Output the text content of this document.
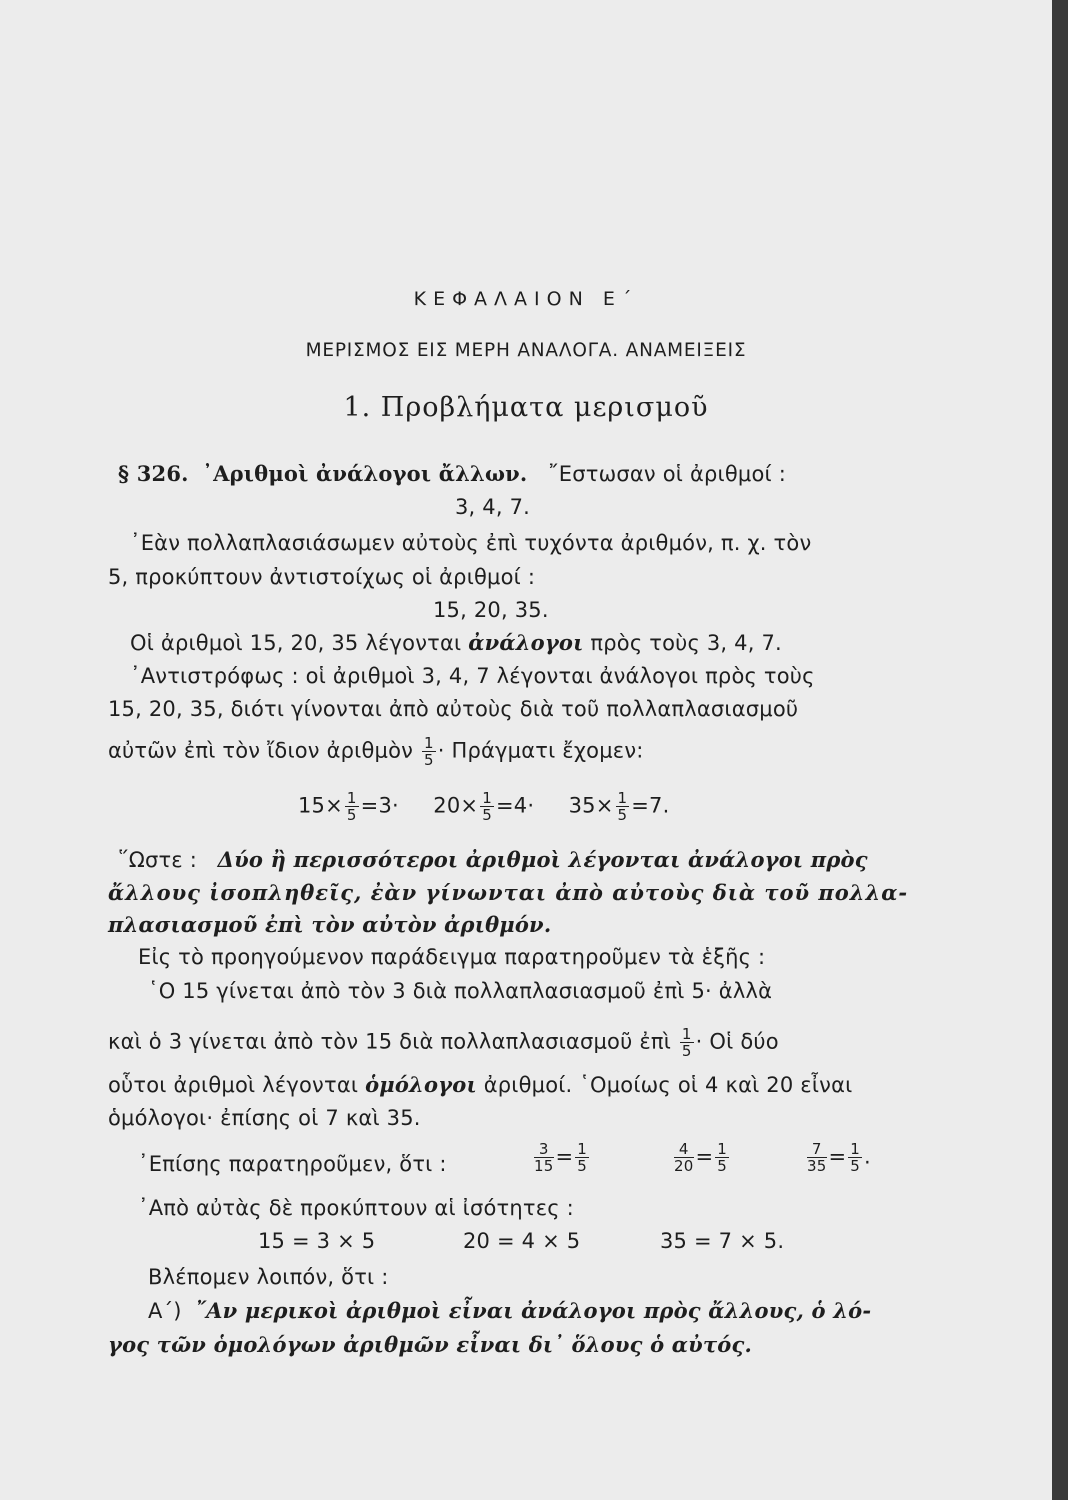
ΚΕΦΑΛΑΙΟΝ Ε΄
ΜΕΡΙΣΜΟΣ ΕΙΣ ΜΕΡΗ ΑΝΑΛΟΓΑ. ΑΝΑΜΕΙΞΕΙΣ
1. Προβλήματα μερισμοῦ
§ 326. ᾿Αριθμοὶ ἀνάλογοι ἄλλων. ῎Εστωσαν οἱ ἀριθμοί :
3, 4, 7.
᾿Εὰν πολλαπλασιάσωμεν αὐτοὺς ἐπὶ τυχόντα ἀριθμόν, π. χ. τὸν
5, προκύπτουν ἀντιστοίχως οἱ ἀριθμοί :
15, 20, 35.
Οἱ ἀριθμοὶ 15, 20, 35 λέγονται ἀνάλογοι πρὸς τοὺς 3, 4, 7.
᾿Αντιστρόφως : οἱ ἀριθμοὶ 3, 4, 7 λέγονται ἀνάλογοι πρὸς τοὺς
15, 20, 35, διότι γίνονται ἀπὸ αὐτοὺς διὰ τοῦ πολλαπλασιασμοῦ
αὐτῶν ἐπὶ τὸν ἴδιον ἀριθμὸν $\frac{1}{5} \cdot \Pi\rho ά\gamma\mu\alpha\tau\iota$ ἔχομεν:
$15\times \frac{1}{5} =3\cdot 20\times \frac{1}{5} =4\cdot 35\times \frac{1}{5} =7$.
῞Ωστε : Δύο ἢ περισσότεροι ἀριθμοὶ λέγονται ἀνάλογοι πρὸς
ἄλλους ἰσοπληθεῖς, ἐὰν γίνωνται ἀπὸ αὐτοὺς διὰ τοῦ πολλα-
πλασιασμοῦ ἐπὶ τὸν αὐτὸν ἀριθμόν.
Εἰς τὸ προηγούμενον παράδειγμα παρατηροῦμεν τὰ ἑξῆς :
῾Ο 15 γίνεται ἀπὸ τὸν 3 διὰ πολλαπλασιασμοῦ ἐπὶ 5· ἀλλὰ
καὶ ὁ 3 γίνεται ἀπὸ τὸν 15 διὰ πολλαπλασιασμοῦ ἐπὶ $\frac{1}{5}$ · Οἱ δύο
οὗτοι ἀριθμοὶ λέγονται ὁμόλογοι ἀριθμοί. ῾Ομοίως οἱ 4 καὶ 20 εἶναι
ὁμόλογοι· ἐπίσης οἱ 7 καὶ 35.
᾿Επίσης παρατηροῦμεν, ὅτι :	$\frac{3}{15} = \frac{1}{5}$	$\frac{4}{20} = \frac{1}{5}$	$\frac{7}{35} = \frac{1}{5}$ .
᾿Απὸ αὐτὰς δὲ προκύπτουν αἱ ἰσότητες :
15 = 3 × 5	20 = 4 × 5	35 = 7 × 5.
Βλέπομεν λοιπόν, ὅτι :
Α΄) ῎Αν μερικοὶ ἀριθμοὶ εἶναι ἀνάλογοι πρὸς ἄλλους, ὁ λό-
γος τῶν ὁμολόγων ἀριθμῶν εἶναι δι᾿ ὅλους ὁ αὐτός.
